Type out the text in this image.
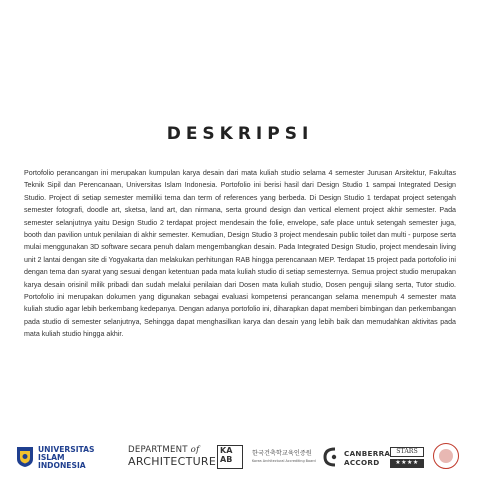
DESKRIPSI
Portofolio perancangan ini merupakan kumpulan karya desain dari mata kuliah studio selama 4 semester Jurusan Arsitektur, Fakultas Teknik Sipil dan Perencanaan, Universitas Islam Indonesia. Portofolio ini berisi hasil dari Design Studio 1 sampai Integrated Design Studio. Project di setiap semester memiliki tema dan term of references yang berbeda. Di Design Studio 1 terdapat project setengah semester fotografi, doodle art, sketsa, land art, dan nirmana, serta ground design dan vertical element project akhir semester. Pada semester selanjutnya yaitu Design Studio 2 terdapat project mendesain the folie, envelope, safe place untuk setengah semester juga, booth dan pavilion untuk penilaian di akhir semester. Kemudian, Design Studio 3 project mendesain public toilet dan multi - purpose serta mulai menggunakan 3D software secara penuh dalam mengembangkan desain. Pada Integrated Design Studio, project mendesain living unit 2 lantai dengan site di Yogyakarta dan melakukan perhitungan RAB hingga perencanaan MEP. Terdapat 15 project pada portofolio ini dengan tema dan syarat yang sesuai dengan ketentuan pada mata kuliah studio di setiap semesternya. Semua project studio merupakan karya desain orisinil milik pribadi dan sudah melalui penilaian dari Dosen mata kuliah studio, Dosen penguji silang serta, Tutor studio. Portofolio ini merupakan dokumen yang digunakan sebagai evaluasi kompetensi perancangan selama menempuh 4 semester mata kuliah studio agar lebih berkembang kedepanya. Dengan adanya portofolio ini, diharapkan dapat memberi bimbingan dan perkembangan pada studio di semester selanjutnya, Sehingga dapat menghasilkan karya dan desain yang lebih baik dan memudahkan aktivitas pada mata kuliah studio hingga akhir.
UNIVERSITAS
ISLAM
INDONESIA
DEPARTMENT of
ARCHITECTURE
KA
AB
한국건축학교육인증원
Korea Architectural Accrediting Board
CANBERRA
ACCORD
STARS
★★★★
